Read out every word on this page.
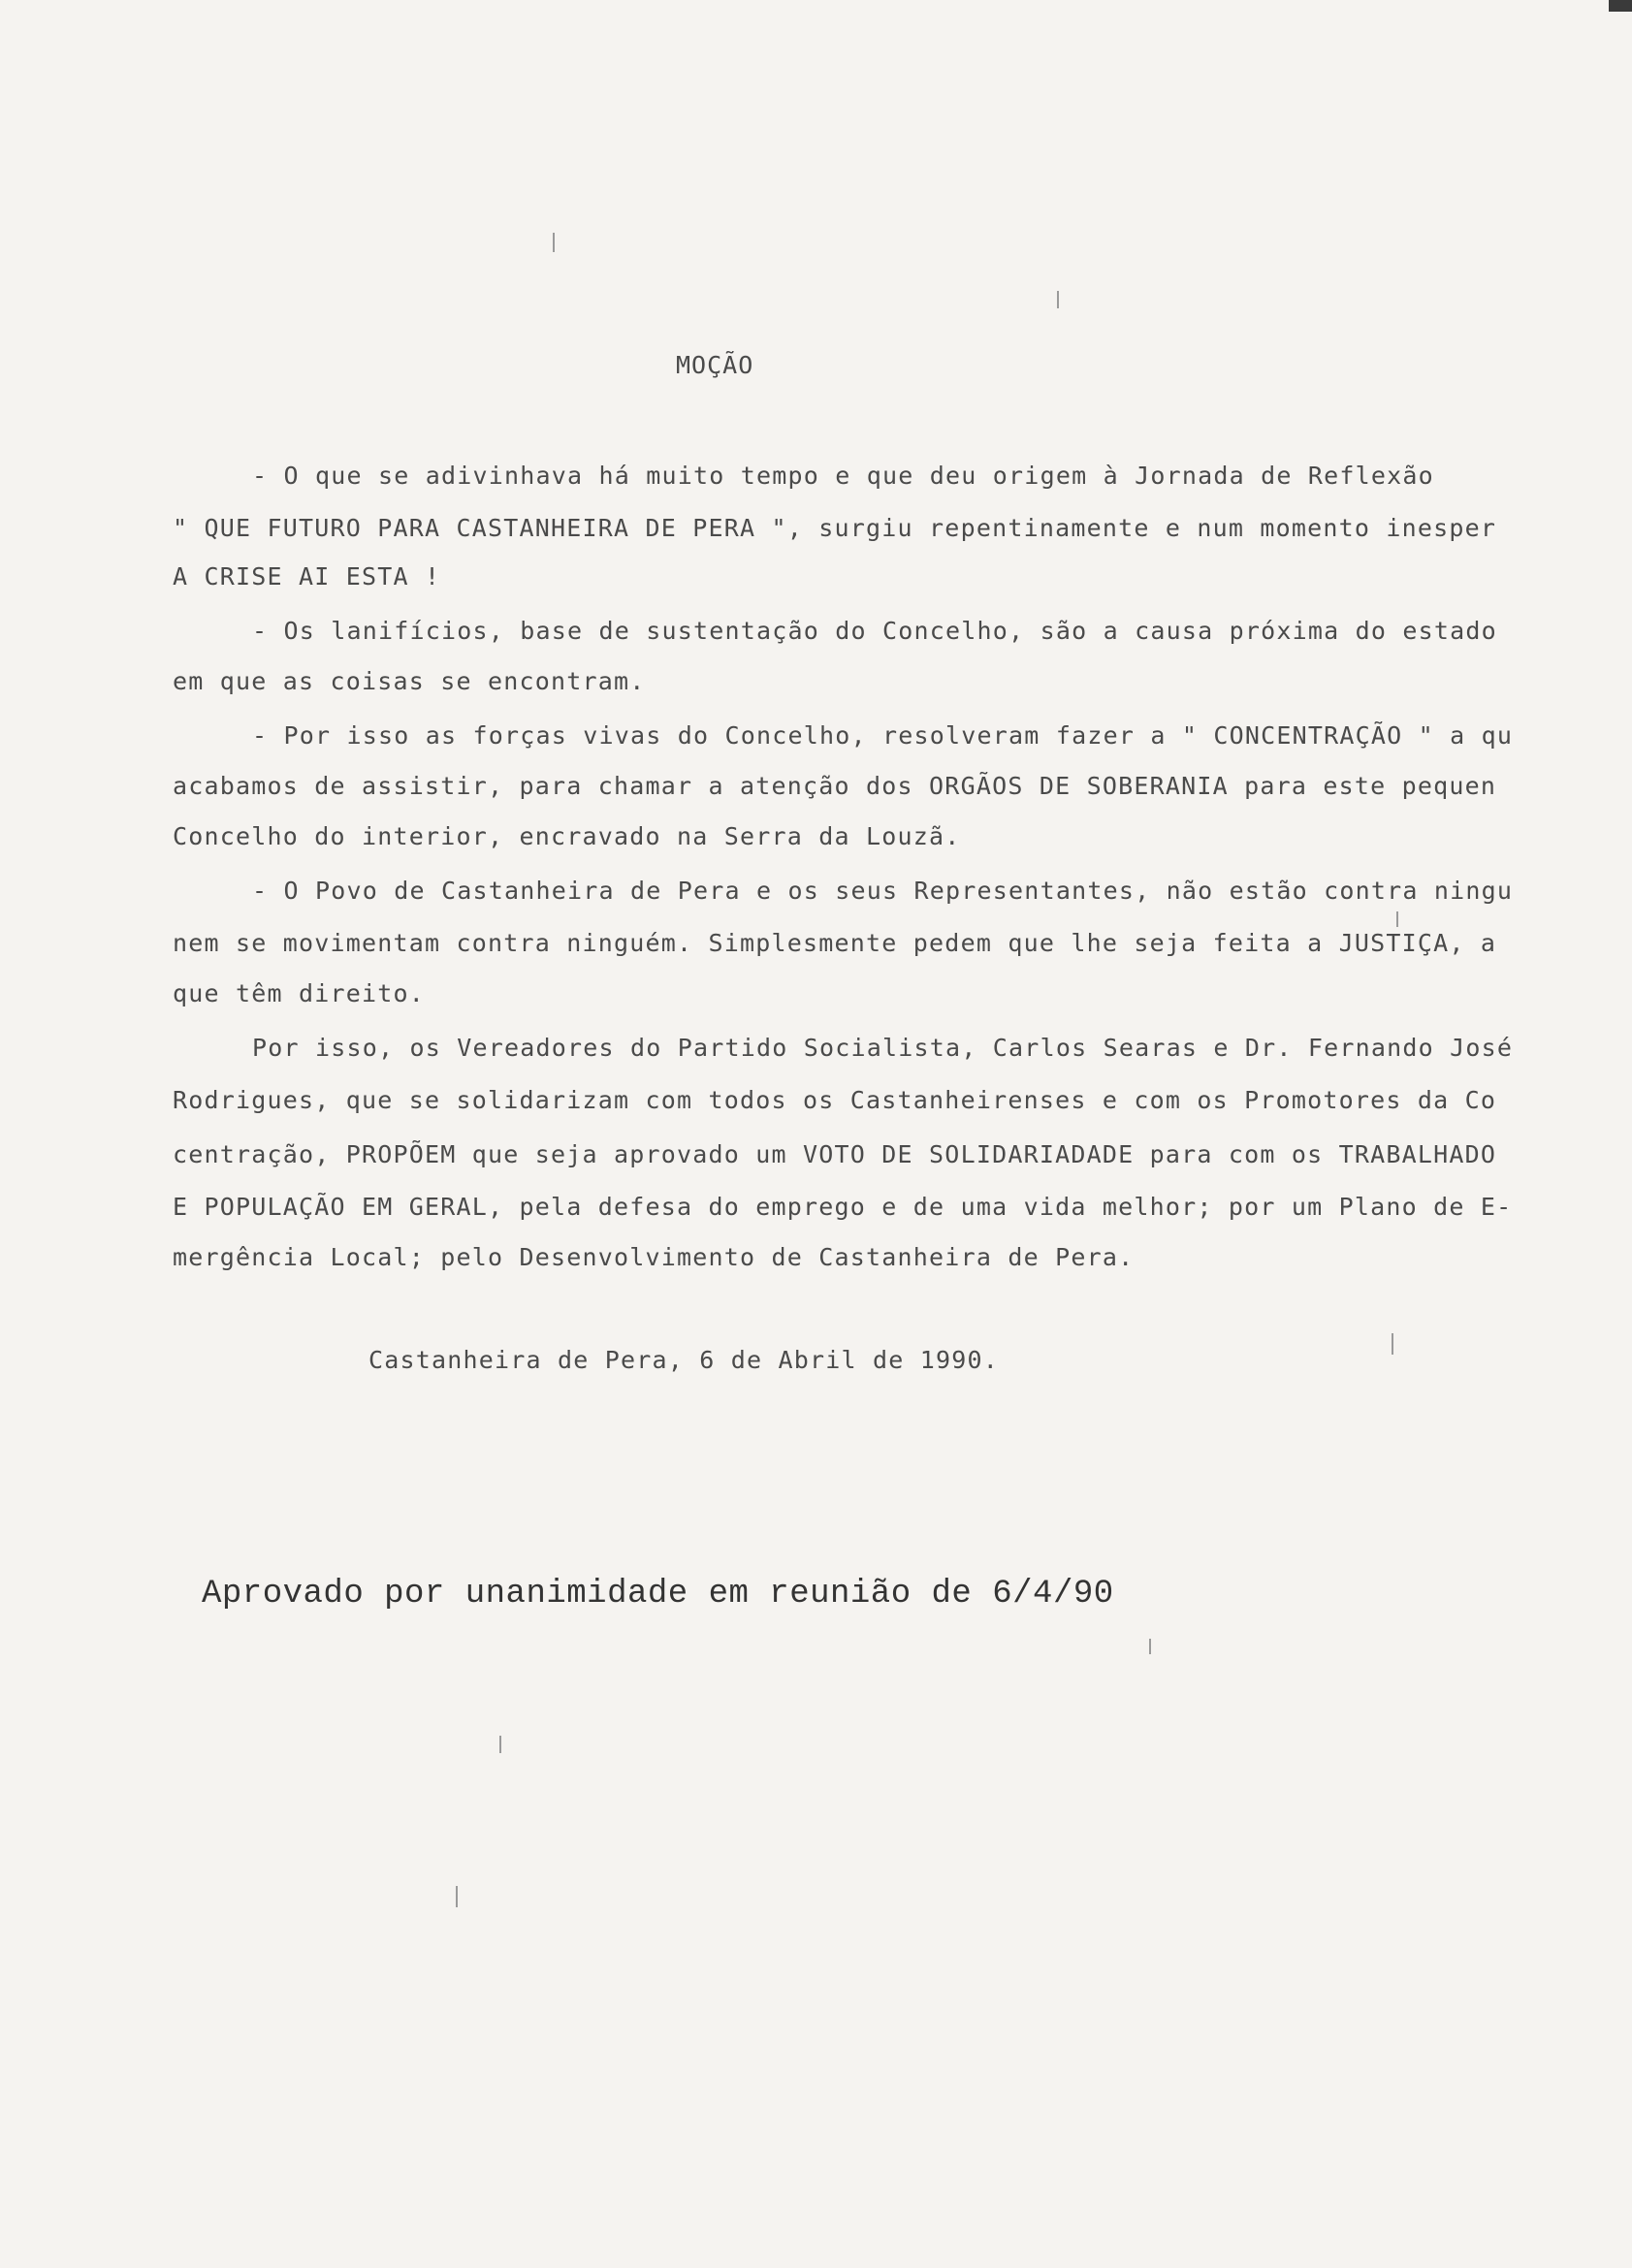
MOÇÃO
- O que se adivinhava há muito tempo e que deu origem à Jornada de Reflexão
" QUE FUTURO PARA CASTANHEIRA DE PERA ", surgiu repentinamente e num momento inesper
A CRISE AI ESTA !
- Os lanifícios, base de sustentação do Concelho, são a causa próxima do estado
em que as coisas se encontram.
- Por isso as forças vivas do Concelho, resolveram fazer a " CONCENTRAÇÃO " a qu
acabamos de assistir, para chamar a atenção dos ORGÃOS DE SOBERANIA para este pequen
Concelho do interior, encravado na Serra da Louzã.
- O Povo de Castanheira de Pera e os seus Representantes, não estão contra ningu
nem se movimentam contra ninguém. Simplesmente pedem que lhe seja feita a JUSTIÇA, a
que têm direito.
Por isso, os Vereadores do Partido Socialista, Carlos Searas e Dr. Fernando José
Rodrigues, que se solidarizam com todos os Castanheirenses e com os Promotores da Co
centração, PROPÕEM que seja aprovado um VOTO DE SOLIDARIADADE para com os TRABALHADO
E POPULAÇÃO EM GERAL, pela defesa do emprego e de uma vida melhor; por um Plano de E-
mergência Local; pelo Desenvolvimento de Castanheira de Pera.
Castanheira de Pera, 6 de Abril de 1990.
Aprovado por unanimidade em reunião de 6/4/90
